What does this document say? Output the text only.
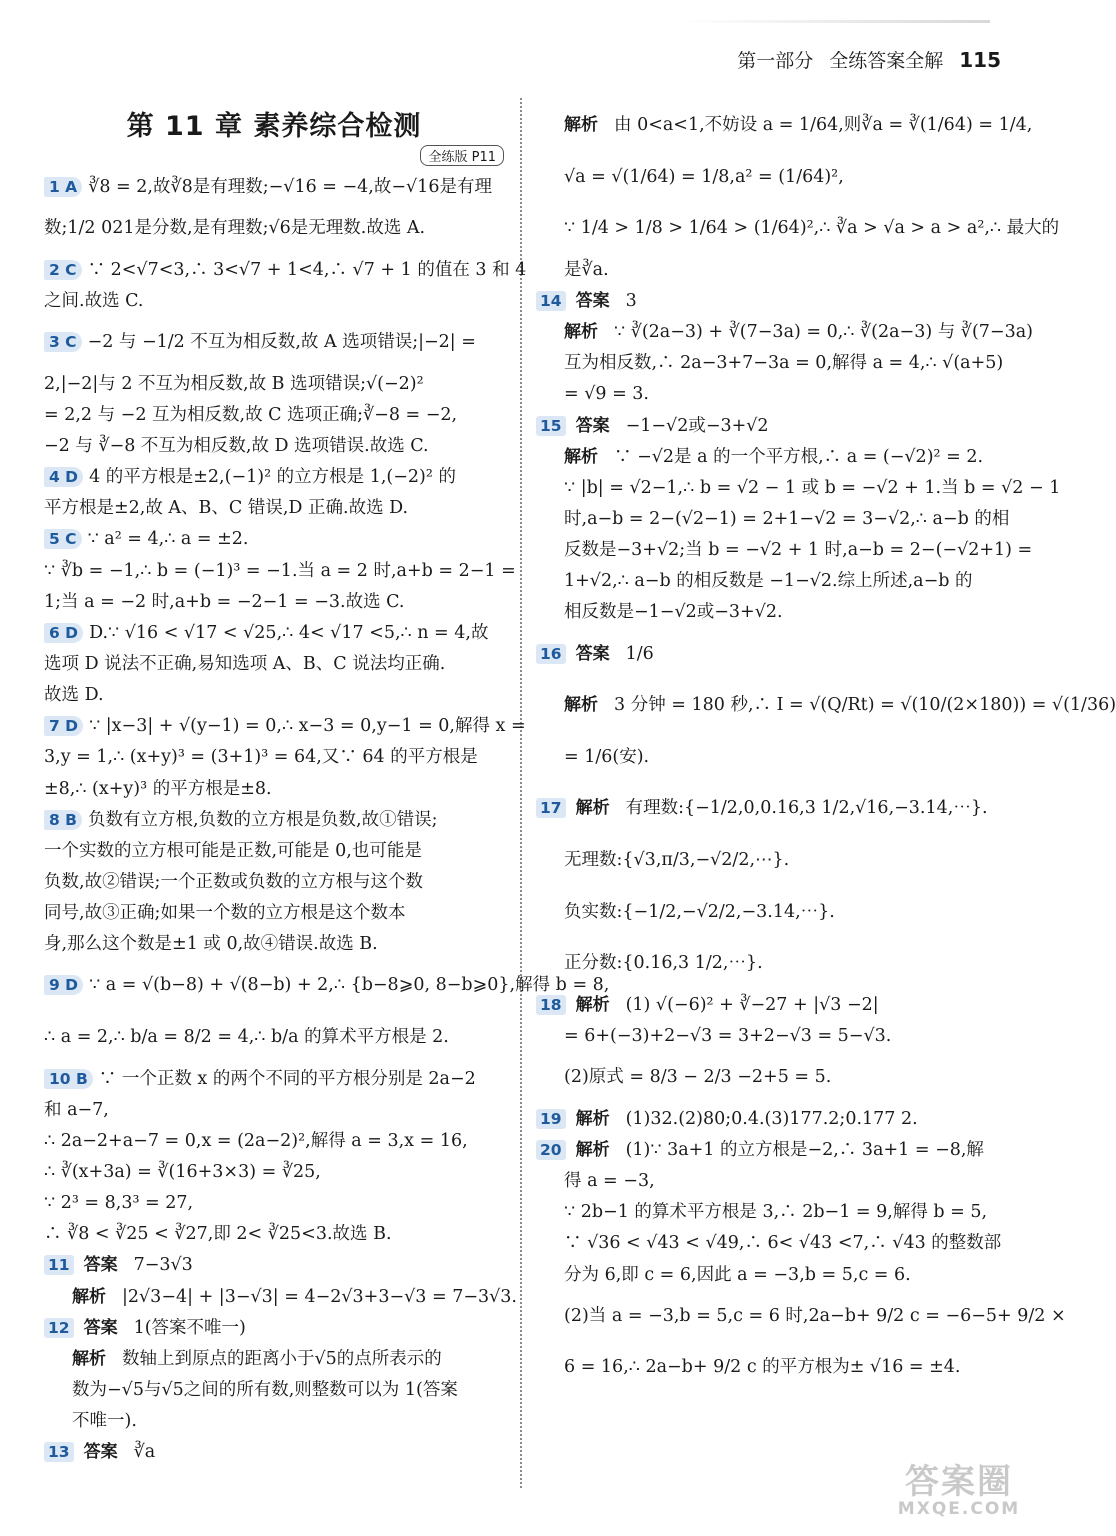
第一部分 全练答案全解 115
第 11 章 素养综合检测
全练版 P11
1 A ∛8 = 2,故∛8是有理数;−√16 = −4,故−√16是有理
数;1/2 021是分数,是有理数;√6是无理数.故选 A.
2 C ∵ 2<√7<3,∴ 3<√7 + 1<4,∴ √7 + 1 的值在 3 和 4
之间.故选 C.
3 C −2 与 −1/2 不互为相反数,故 A 选项错误;|−2| =
2,|−2|与 2 不互为相反数,故 B 选项错误;√(−2)²
= 2,2 与 −2 互为相反数,故 C 选项正确;∛−8 = −2,
−2 与 ∛−8 不互为相反数,故 D 选项错误.故选 C.
4 D 4 的平方根是±2,(−1)² 的立方根是 1,(−2)² 的
平方根是±2,故 A、B、C 错误,D 正确.故选 D.
5 C ∵ a² = 4,∴ a = ±2.
∵ ∛b = −1,∴ b = (−1)³ = −1.当 a = 2 时,a+b = 2−1 =
1;当 a = −2 时,a+b = −2−1 = −3.故选 C.
6 D D.∵ √16 < √17 < √25,∴ 4< √17 <5,∴ n = 4,故
选项 D 说法不正确,易知选项 A、B、C 说法均正确.
故选 D.
7 D ∵ |x−3| + √(y−1) = 0,∴ x−3 = 0,y−1 = 0,解得 x =
3,y = 1,∴ (x+y)³ = (3+1)³ = 64,又∵ 64 的平方根是
±8,∴ (x+y)³ 的平方根是±8.
8 B 负数有立方根,负数的立方根是负数,故①错误;
一个实数的立方根可能是正数,可能是 0,也可能是
负数,故②错误;一个正数或负数的立方根与这个数
同号,故③正确;如果一个数的立方根是这个数本
身,那么这个数是±1 或 0,故④错误.故选 B.
9 D ∵ a = √(b−8) + √(8−b) + 2,∴ {b−8⩾0, 8−b⩾0},解得 b = 8,
∴ a = 2,∴ b/a = 8/2 = 4,∴ b/a 的算术平方根是 2.
10 B ∵ 一个正数 x 的两个不同的平方根分别是 2a−2
和 a−7,
∴ 2a−2+a−7 = 0,x = (2a−2)²,解得 a = 3,x = 16,
∴ ∛(x+3a) = ∛(16+3×3) = ∛25,
∵ 2³ = 8,3³ = 27,
∴ ∛8 < ∛25 < ∛27,即 2< ∛25<3.故选 B.
11 答案 7−3√3
解析 |2√3−4| + |3−√3| = 4−2√3+3−√3 = 7−3√3.
12 答案 1(答案不唯一)
解析 数轴上到原点的距离小于√5的点所表示的
数为−√5与√5之间的所有数,则整数可以为 1(答案
不唯一).
13 答案 ∛a
解析 由 0<a<1,不妨设 a = 1/64,则∛a = ∛(1/64) = 1/4,
√a = √(1/64) = 1/8,a² = (1/64)²,
∵ 1/4 > 1/8 > 1/64 > (1/64)²,∴ ∛a > √a > a > a²,∴ 最大的
是∛a.
14 答案 3
解析 ∵ ∛(2a−3) + ∛(7−3a) = 0,∴ ∛(2a−3) 与 ∛(7−3a)
互为相反数,∴ 2a−3+7−3a = 0,解得 a = 4,∴ √(a+5)
= √9 = 3.
15 答案 −1−√2或−3+√2
解析 ∵ −√2是 a 的一个平方根,∴ a = (−√2)² = 2.
∵ |b| = √2−1,∴ b = √2 − 1 或 b = −√2 + 1.当 b = √2 − 1
时,a−b = 2−(√2−1) = 2+1−√2 = 3−√2,∴ a−b 的相
反数是−3+√2;当 b = −√2 + 1 时,a−b = 2−(−√2+1) =
1+√2,∴ a−b 的相反数是 −1−√2.综上所述,a−b 的
相反数是−1−√2或−3+√2.
16 答案 1/6
解析 3 分钟 = 180 秒,∴ I = √(Q/Rt) = √(10/(2×180)) = √(1/36)
= 1/6(安).
17 解析 有理数:{−1/2,0,0.16,3 1/2,√16,−3.14,⋯}.
无理数:{√3,π/3,−√2/2,⋯}.
负实数:{−1/2,−√2/2,−3.14,⋯}.
正分数:{0.16,3 1/2,⋯}.
18 解析 (1) √(−6)² + ∛−27 + |√3 −2|
= 6+(−3)+2−√3 = 3+2−√3 = 5−√3.
(2)原式 = 8/3 − 2/3 −2+5 = 5.
19 解析 (1)32.(2)80;0.4.(3)177.2;0.177 2.
20 解析 (1)∵ 3a+1 的立方根是−2,∴ 3a+1 = −8,解
得 a = −3,
∵ 2b−1 的算术平方根是 3,∴ 2b−1 = 9,解得 b = 5,
∵ √36 < √43 < √49,∴ 6< √43 <7,∴ √43 的整数部
分为 6,即 c = 6,因此 a = −3,b = 5,c = 6.
(2)当 a = −3,b = 5,c = 6 时,2a−b+ 9/2 c = −6−5+ 9/2 ×
6 = 16,∴ 2a−b+ 9/2 c 的平方根为± √16 = ±4.
答案圈
MXQE.COM
